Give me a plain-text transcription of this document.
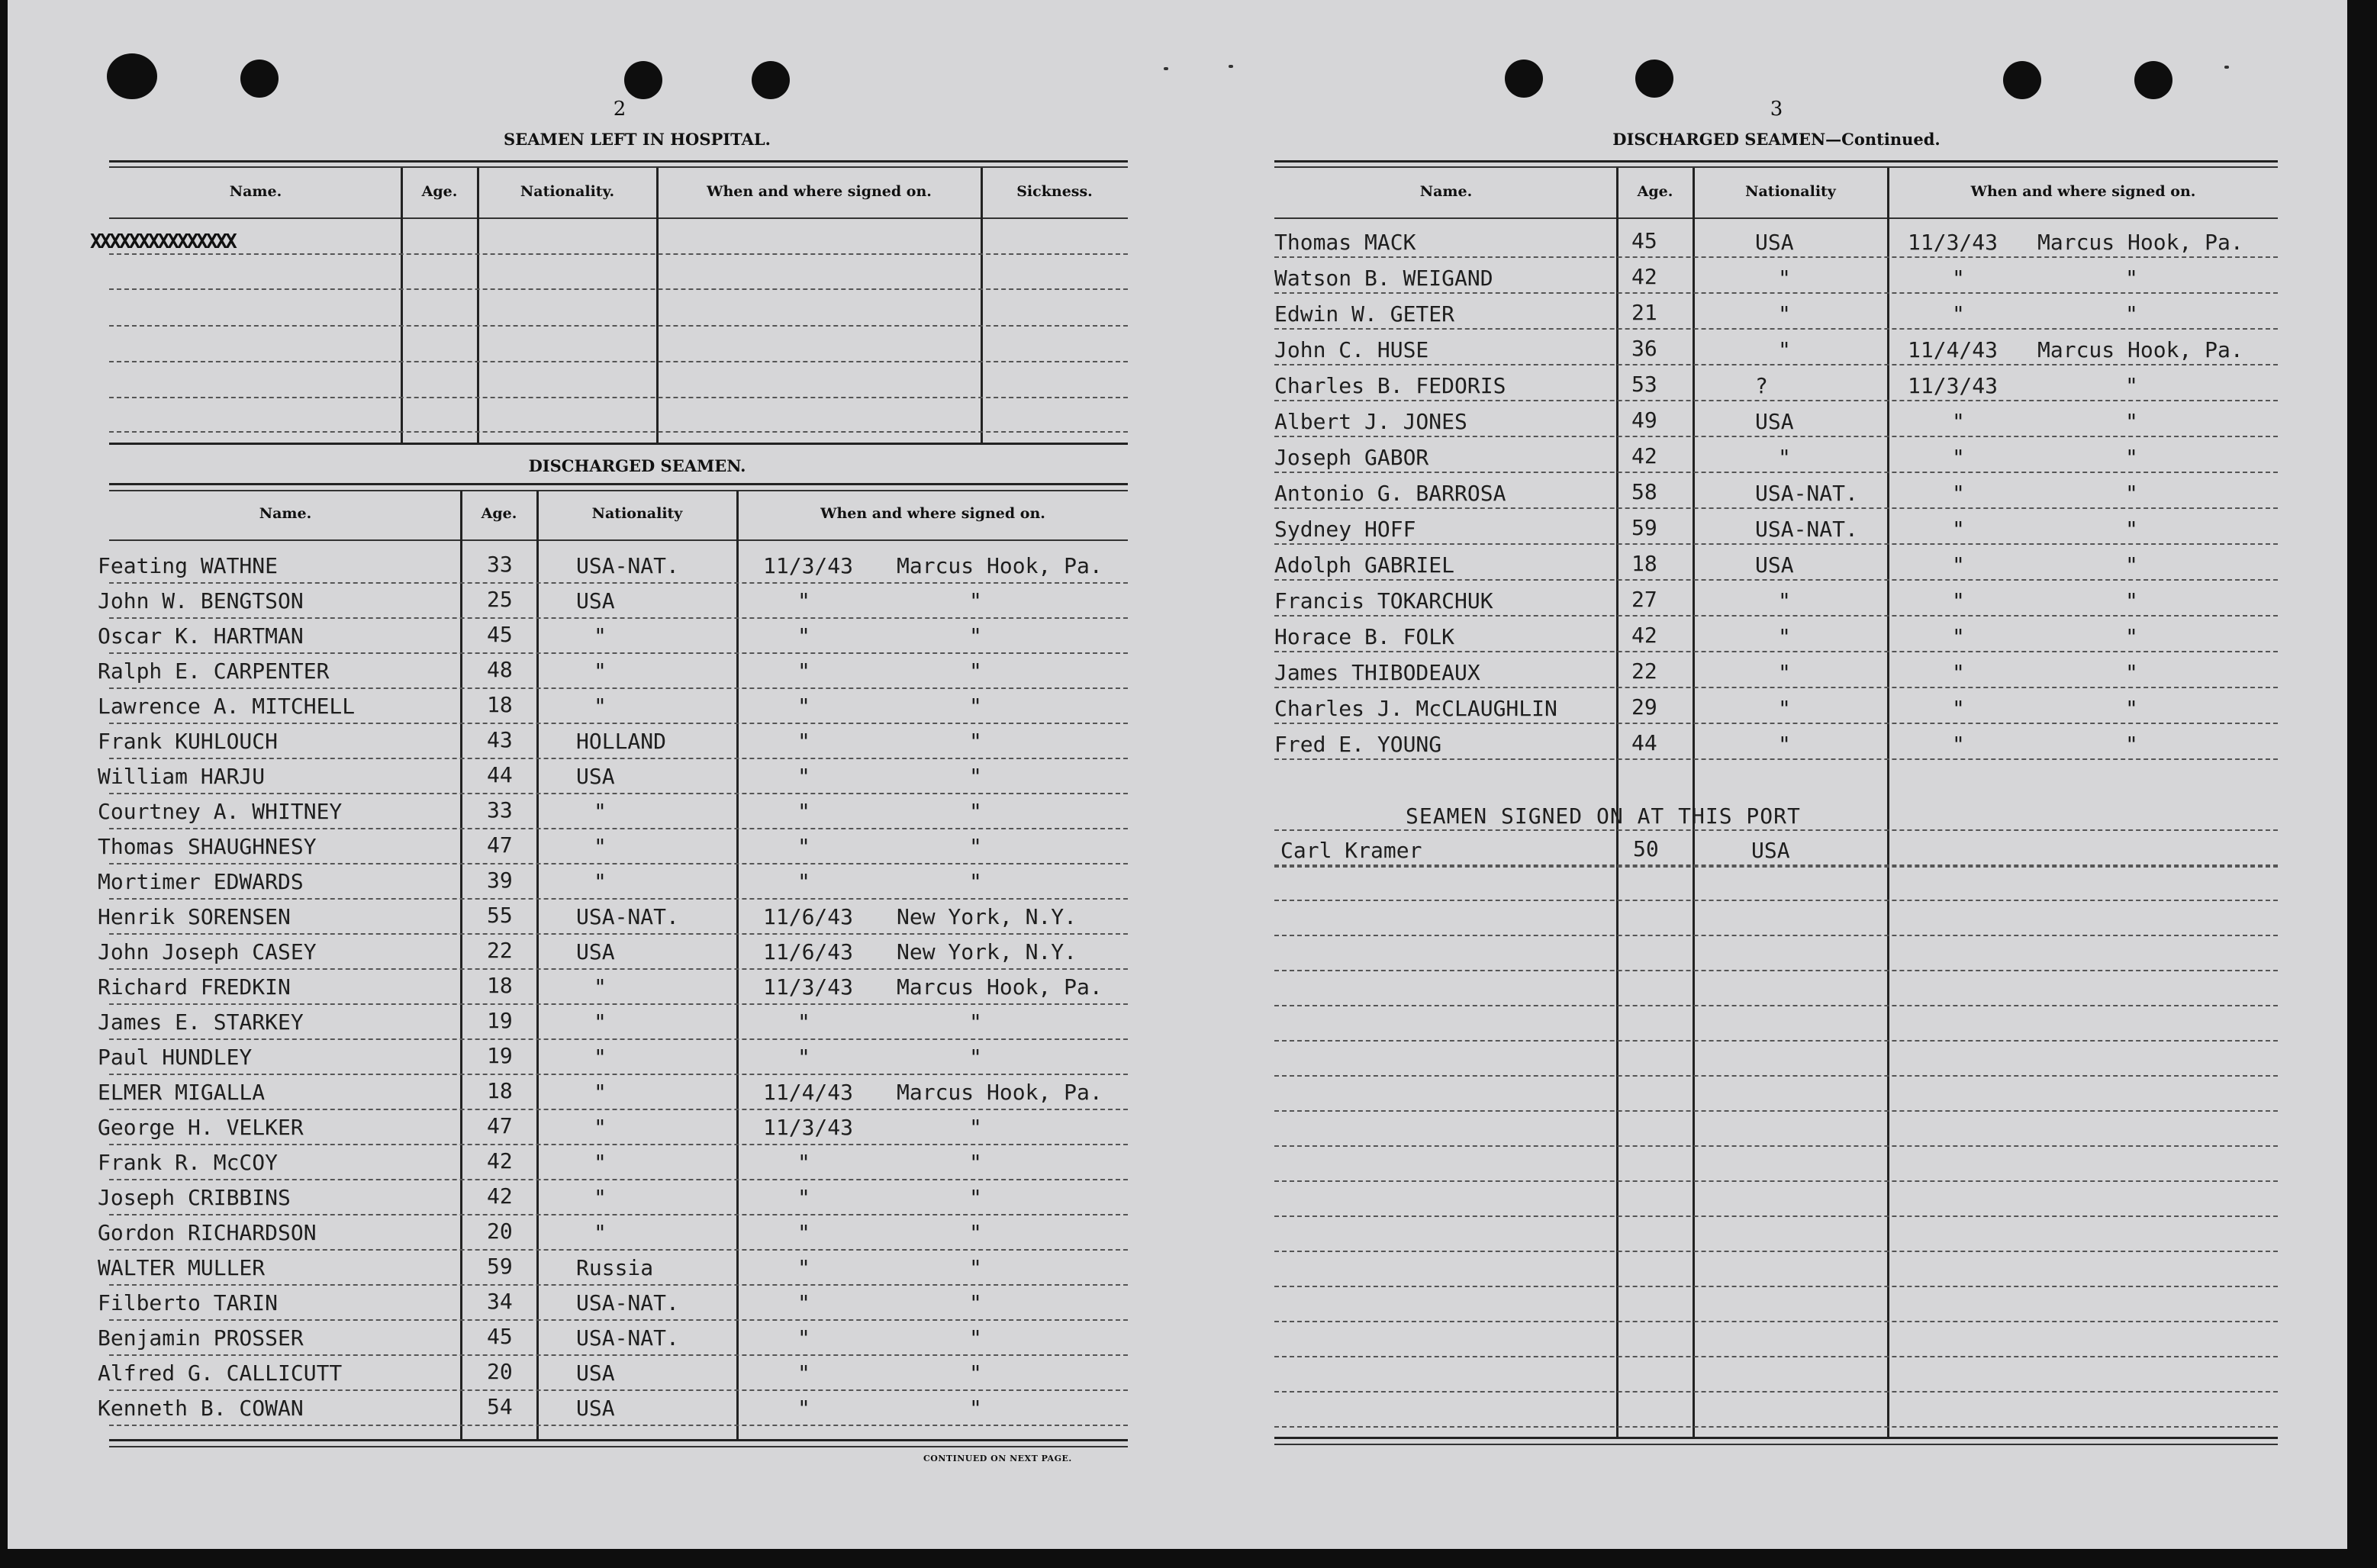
2
SEAMEN LEFT IN HOSPITAL.
Name.	Age.	Nationality.	When and where signed on.	Sickness.
XXXXXXXXXXXXXXX
DISCHARGED SEAMEN.
Name.	Age.	Nationality	When and where signed on.
Feating WATHNE	33	USA-NAT.	11/3/43 Marcus Hook, Pa.
John W. BENGTSON	25	USA	"	"
Oscar K. HARTMAN	45	"	"	"
Ralph E. CARPENTER	48	"	"	"
Lawrence A. MITCHELL	18	"	"	"
Frank KUHLOUCH	43	HOLLAND	"	"
William HARJU	44	USA	"	"
Courtney A. WHITNEY	33	"	"	"
Thomas SHAUGHNESY	47	"	"	"
Mortimer EDWARDS	39	"	"	"
Henrik SORENSEN	55	USA-NAT.	11/6/43 New York, N.Y.
John Joseph CASEY	22	USA	11/6/43 New York, N.Y.
Richard FREDKIN	18	"	11/3/43 Marcus Hook, Pa.
James E. STARKEY	19	"	"	"
Paul HUNDLEY	19	"	"	"
ELMER MIGALLA	18	"	11/4/43 Marcus Hook, Pa.
George H. VELKER	47	"	11/3/43	"
Frank R. McCOY	42	"	"	"
Joseph CRIBBINS	42	"	"	"
Gordon RICHARDSON	20	"	"	"
WALTER MULLER	59	Russia	"	"
Filberto TARIN	34	USA-NAT.	"	"
Benjamin PROSSER	45	USA-NAT.	"	"
Alfred G. CALLICUTT	20	USA	"	"
Kenneth B. COWAN	54	USA	"	"
CONTINUED ON NEXT PAGE.
3
DISCHARGED SEAMEN—Continued.
Name.	Age.	Nationality	When and where signed on.
Thomas MACK	45	USA	11/3/43 Marcus Hook, Pa.
Watson B. WEIGAND	42	"	"	"
Edwin W. GETER	21	"	"	"
John C. HUSE	36	"	11/4/43 Marcus Hook, Pa.
Charles B. FEDORIS	53	?	11/3/43	"
Albert J. JONES	49	USA	"	"
Joseph GABOR	42	"	"	"
Antonio G. BARROSA	58	USA-NAT.	"	"
Sydney HOFF	59	USA-NAT.	"	"
Adolph GABRIEL	18	USA	"	"
Francis TOKARCHUK	27	"	"	"
Horace B. FOLK	42	"	"	"
James THIBODEAUX	22	"	"	"
Charles J. McCLAUGHLIN	29	"	"	"
Fred E. YOUNG	44	"	"	"
SEAMEN SIGNED ON AT THIS PORT
Carl Kramer	50	USA
